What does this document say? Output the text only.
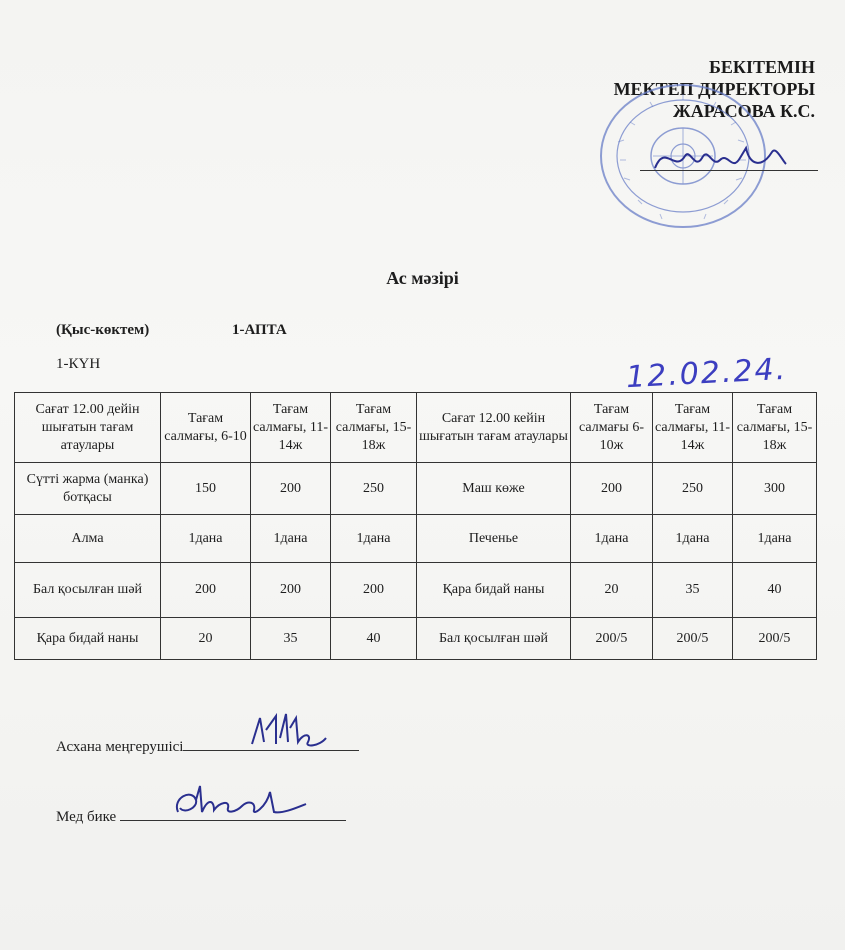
БЕКІТЕМІН
МЕКТЕП ДИРЕКТОРЫ
ЖАРАСОВА К.С.
Ас мәзірі
(Қыс-көктем)	1-АПТА
1-КҮН	12.02.24.
Сағат 12.00 дейін шығатын тағам атаулары	Тағам салмағы, 6-10	Тағам салмағы, 11-14ж	Тағам салмағы, 15-18ж	Сағат 12.00 кейін шығатын тағам атаулары	Тағам салмағы 6-10ж	Тағам салмағы, 11-14ж	Тағам салмағы, 15-18ж
Сүтті жарма (манка) ботқасы	150	200	250	Маш көже	200	250	300
Алма	1дана	1дана	1дана	Печенье	1дана	1дана	1дана
Бал қосылған шәй	200	200	200	Қара бидай наны	20	35	40
Қара бидай наны	20	35	40	Бал қосылған шәй	200/5	200/5	200/5
Асхана меңгерушісі
Мед бике
